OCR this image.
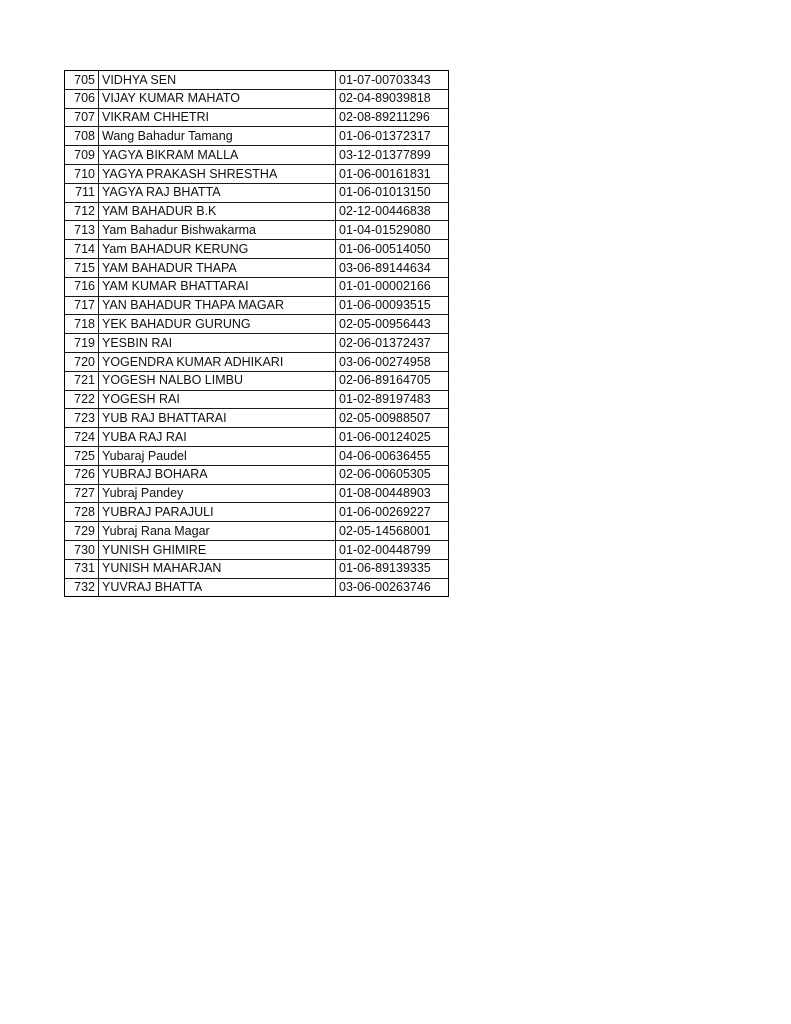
705	VIDHYA SEN	01-07-00703343
706	VIJAY KUMAR MAHATO	02-04-89039818
707	VIKRAM CHHETRI	02-08-89211296
708	Wang Bahadur Tamang	01-06-01372317
709	YAGYA BIKRAM MALLA	03-12-01377899
710	YAGYA PRAKASH SHRESTHA	01-06-00161831
711	YAGYA RAJ BHATTA	01-06-01013150
712	YAM BAHADUR B.K	02-12-00446838
713	Yam Bahadur Bishwakarma	01-04-01529080
714	Yam BAHADUR KERUNG	01-06-00514050
715	YAM BAHADUR THAPA	03-06-89144634
716	YAM KUMAR BHATTARAI	01-01-00002166
717	YAN BAHADUR THAPA MAGAR	01-06-00093515
718	YEK BAHADUR GURUNG	02-05-00956443
719	YESBIN RAI	02-06-01372437
720	YOGENDRA KUMAR ADHIKARI	03-06-00274958
721	YOGESH NALBO LIMBU	02-06-89164705
722	YOGESH RAI	01-02-89197483
723	YUB RAJ BHATTARAI	02-05-00988507
724	YUBA RAJ RAI	01-06-00124025
725	Yubaraj Paudel	04-06-00636455
726	YUBRAJ BOHARA	02-06-00605305
727	Yubraj Pandey	01-08-00448903
728	YUBRAJ PARAJULI	01-06-00269227
729	Yubraj Rana Magar	02-05-14568001
730	YUNISH GHIMIRE	01-02-00448799
731	YUNISH MAHARJAN	01-06-89139335
732	YUVRAJ BHATTA	03-06-00263746
